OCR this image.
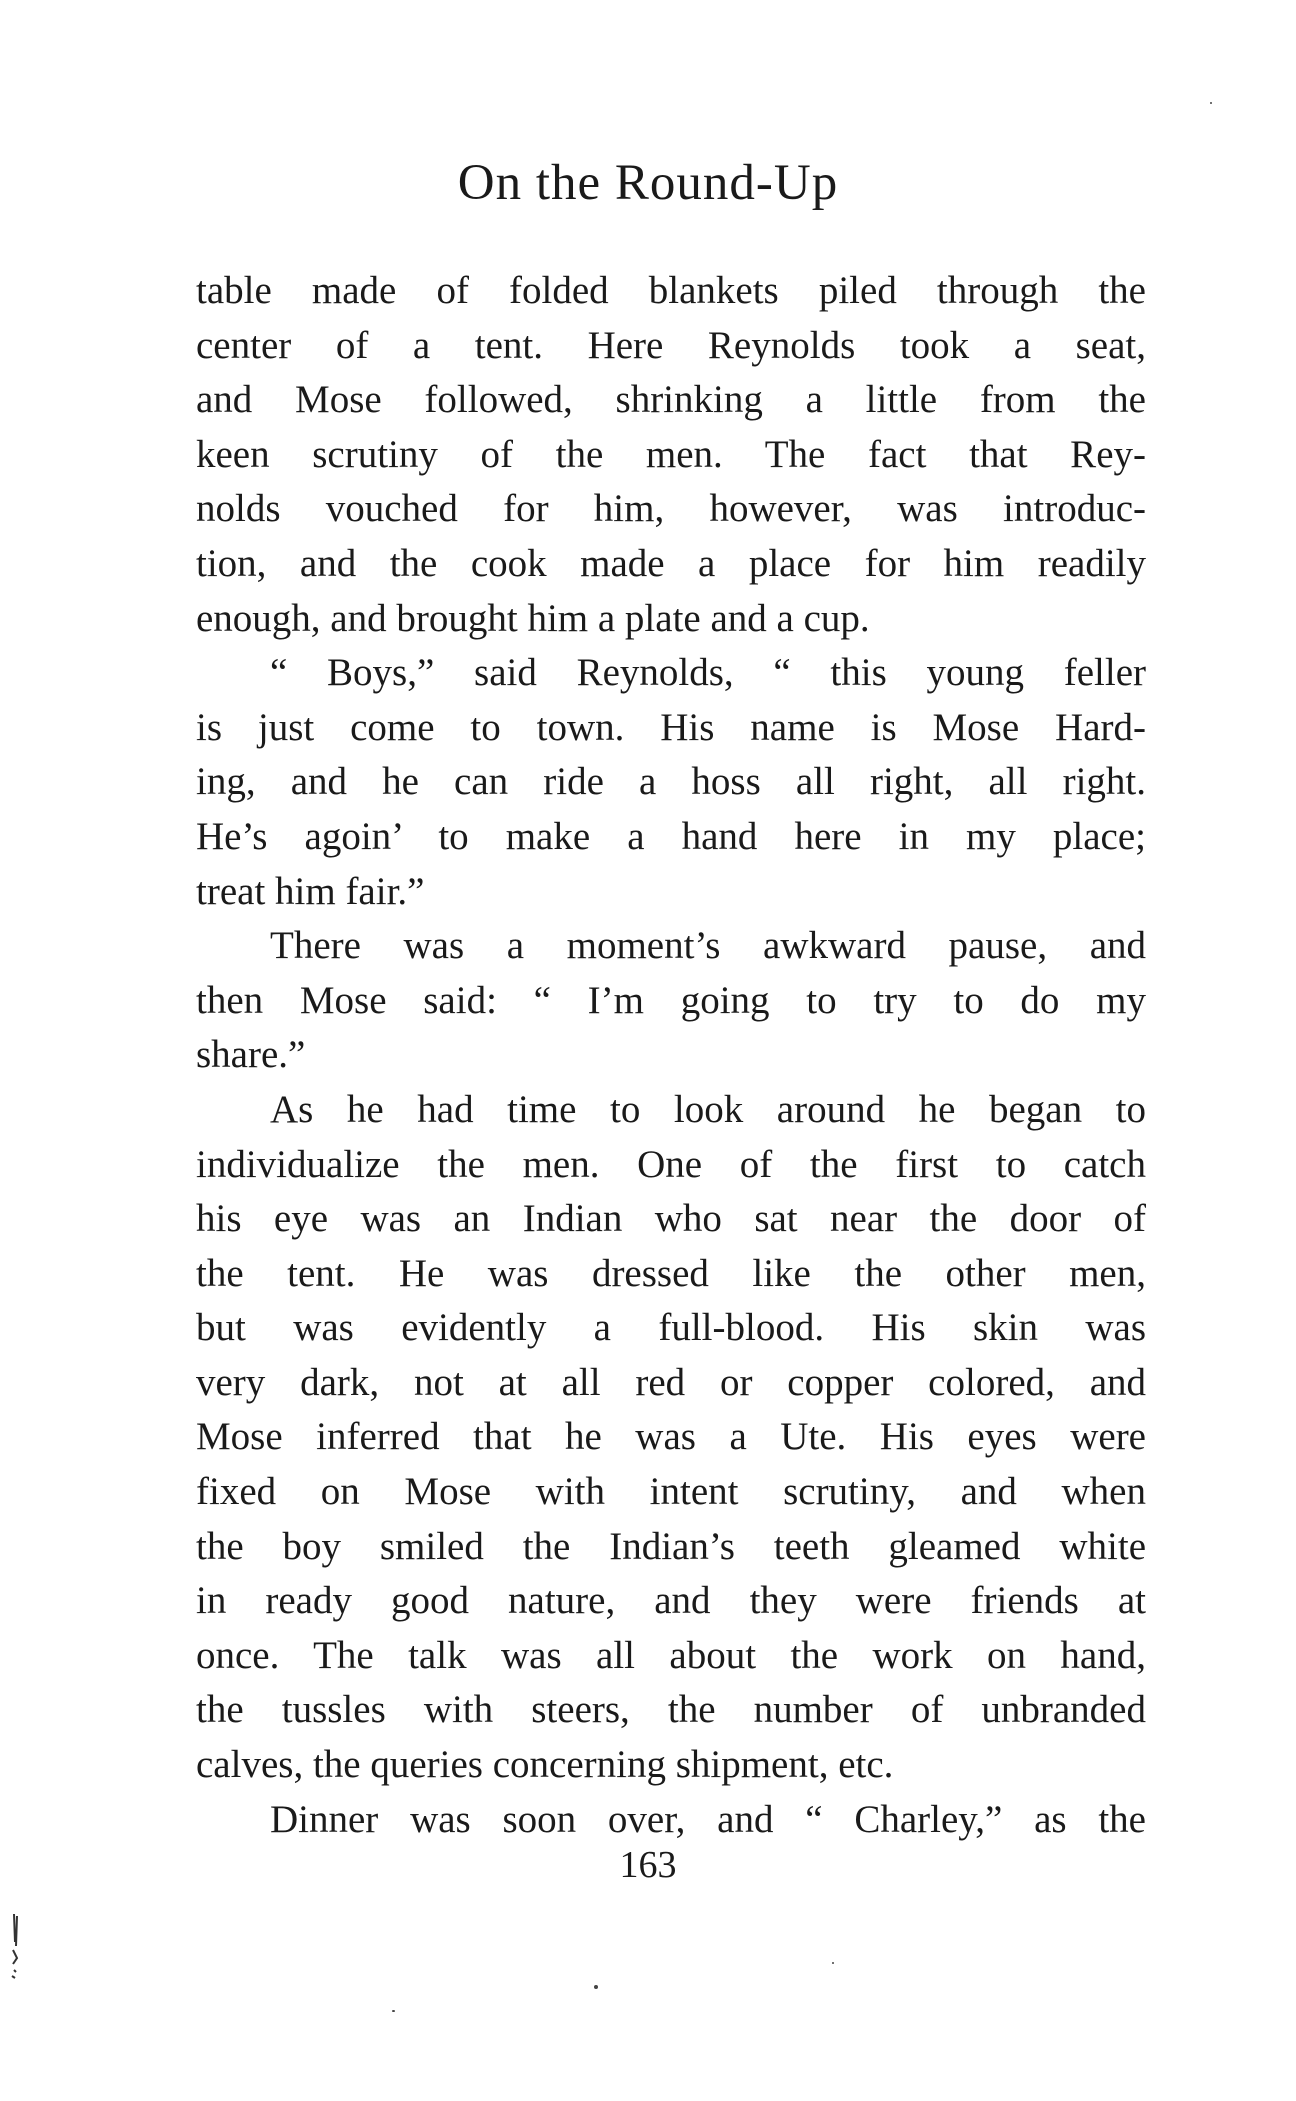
On the Round-Up
table made of folded blankets piled through the
center of a tent. Here Reynolds took a seat,
and Mose followed, shrinking a little from the
keen scrutiny of the men. The fact that Rey-
nolds vouched for him, however, was introduc-
tion, and the cook made a place for him readily
enough, and brought him a plate and a cup.
“ Boys,” said Reynolds, “ this young feller
is just come to town. His name is Mose Hard-
ing, and he can ride a hoss all right, all right.
He’s agoin’ to make a hand here in my place;
treat him fair.”
There was a moment’s awkward pause, and
then Mose said: “ I’m going to try to do my
share.”
As he had time to look around he began to
individualize the men. One of the first to catch
his eye was an Indian who sat near the door of
the tent. He was dressed like the other men,
but was evidently a full-blood. His skin was
very dark, not at all red or copper colored, and
Mose inferred that he was a Ute. His eyes were
fixed on Mose with intent scrutiny, and when
the boy smiled the Indian’s teeth gleamed white
in ready good nature, and they were friends at
once. The talk was all about the work on hand,
the tussles with steers, the number of unbranded
calves, the queries concerning shipment, etc.
Dinner was soon over, and “ Charley,” as the
163
